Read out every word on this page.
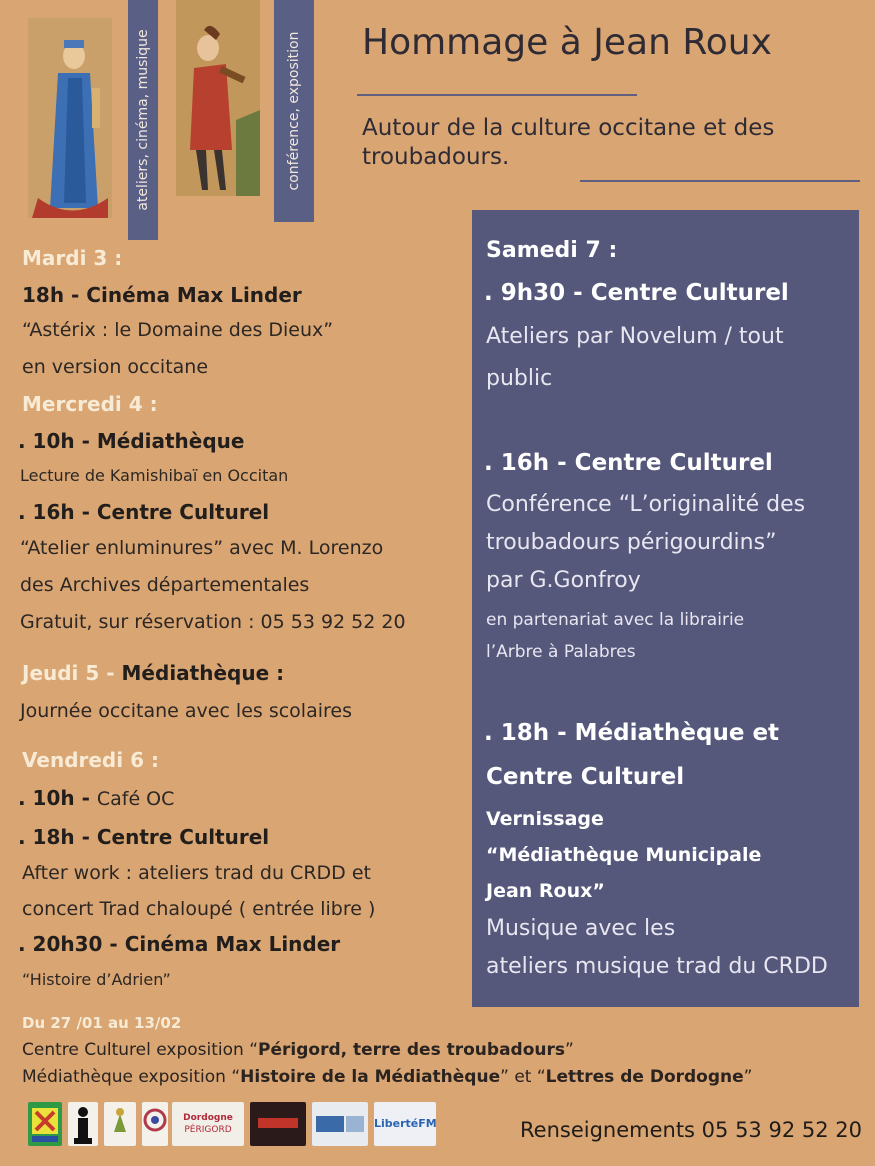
ateliers, cinéma, musique	conférence, exposition Hommage à Jean Roux
Autour de la culture occitane et des troubadours.
Mardi 3 :
18h - Cinéma Max Linder
“Astérix : le Domaine des Dieux”
en version occitane
Mercredi 4 :
. 10h - Médiathèque
Lecture de Kamishibaï en Occitan
. 16h - Centre Culturel
“Atelier enluminures” avec M. Lorenzo
des Archives départementales
Gratuit, sur réservation : 05 53 92 52 20
Jeudi 5 - Médiathèque :
Journée occitane avec les scolaires
Vendredi 6 :
. 10h - Café OC
. 18h - Centre Culturel
After work : ateliers trad du CRDD et
concert Trad chaloupé ( entrée libre )
. 20h30 - Cinéma Max Linder
“Histoire d’Adrien”
Samedi 7 :
. 9h30 - Centre Culturel
Ateliers par Novelum / tout
public
. 16h - Centre Culturel
Conférence “L’originalité des
troubadours périgourdins”
par G.Gonfroy
en partenariat avec la librairie
l’Arbre à Palabres
. 18h - Médiathèque et
Centre Culturel
Vernissage
“Médiathèque Municipale
Jean Roux”
Musique avec les
ateliers musique trad du CRDD
Du 27 /01 au 13/02
Centre Culturel exposition “Périgord, terre des troubadours”
Médiathèque exposition “Histoire de la Médiathèque” et “Lettres de Dordogne”
Dordogne
PÉRIGORD	LibertéFM	Renseignements 05 53 92 52 20
